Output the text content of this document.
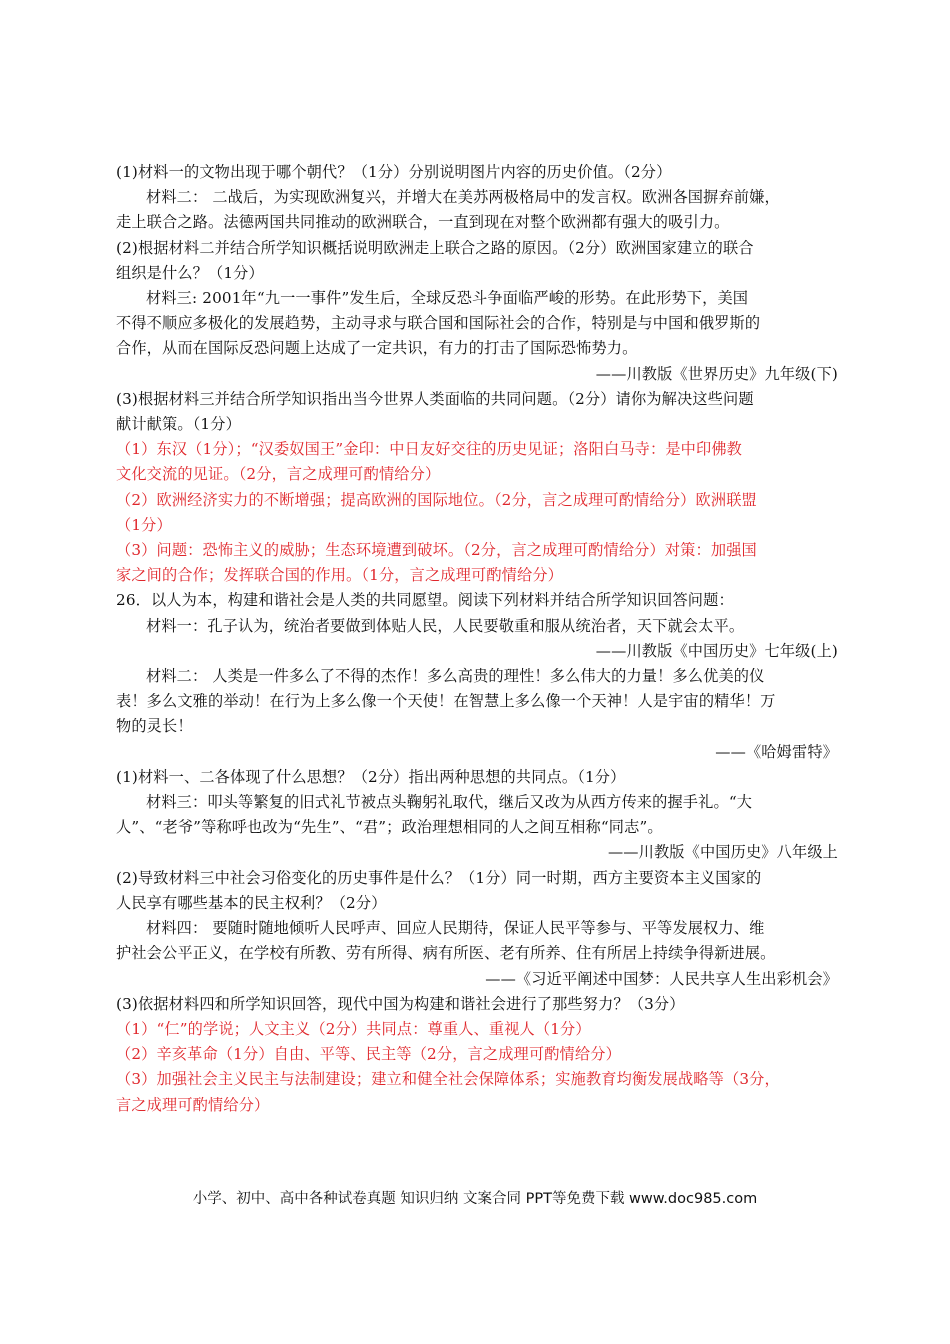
(1)材料一的文物出现于哪个朝代？（1分）分别说明图片内容的历史价值。（2分）
材料二： 二战后，为实现欧洲复兴，并增大在美苏两极格局中的发言权。欧洲各国摒弃前嫌，
走上联合之路。法德两国共同推动的欧洲联合，一直到现在对整个欧洲都有强大的吸引力。
(2)根据材料二并结合所学知识概括说明欧洲走上联合之路的原因。（2分）欧洲国家建立的联合
组织是什么？（1分）
材料三: 2001年“九一一事件”发生后，全球反恐斗争面临严峻的形势。在此形势下，美国
不得不顺应多极化的发展趋势，主动寻求与联合国和国际社会的合作，特别是与中国和俄罗斯的
合作，从而在国际反恐问题上达成了一定共识，有力的打击了国际恐怖势力。
——川教版《世界历史》九年级(下)
(3)根据材料三并结合所学知识指出当今世界人类面临的共同问题。（2分）请你为解决这些问题
献计献策。（1分）
（1）东汉（1分）；“汉委奴国王”金印：中日友好交往的历史见证；洛阳白马寺：是中印佛教
文化交流的见证。（2分，言之成理可酌情给分）
（2）欧洲经济实力的不断增强；提高欧洲的国际地位。（2分，言之成理可酌情给分）欧洲联盟
（1分）
（3）问题：恐怖主义的威胁；生态环境遭到破坏。（2分，言之成理可酌情给分）对策：加强国
家之间的合作；发挥联合国的作用。（1分，言之成理可酌情给分）
26．以人为本，构建和谐社会是人类的共同愿望。阅读下列材料并结合所学知识回答问题：
材料一：孔子认为，统治者要做到体贴人民，人民要敬重和服从统治者，天下就会太平。
——川教版《中国历史》七年级(上)
材料二： 人类是一件多么了不得的杰作！多么高贵的理性！多么伟大的力量！多么优美的仪
表！多么文雅的举动！在行为上多么像一个天使！在智慧上多么像一个天神！人是宇宙的精华！万
物的灵长！
——《哈姆雷特》
(1)材料一、二各体现了什么思想？（2分）指出两种思想的共同点。（1分）
材料三：叩头等繁复的旧式礼节被点头鞠躬礼取代，继后又改为从西方传来的握手礼。“大
人”、“老爷”等称呼也改为“先生”、“君”；政治理想相同的人之间互相称“同志”。
——川教版《中国历史》八年级上
(2)导致材料三中社会习俗变化的历史事件是什么？（1分）同一时期，西方主要资本主义国家的
人民享有哪些基本的民主权利？（2分）
材料四： 要随时随地倾听人民呼声、回应人民期待，保证人民平等参与、平等发展权力、维
护社会公平正义，在学校有所教、劳有所得、病有所医、老有所养、住有所居上持续争得新进展。
——《习近平阐述中国梦：人民共享人生出彩机会》
(3)依据材料四和所学知识回答，现代中国为构建和谐社会进行了那些努力？（3分）
（1）“仁”的学说；人文主义（2分）共同点：尊重人、重视人（1分）
（2）辛亥革命（1分）自由、平等、民主等（2分，言之成理可酌情给分）
（3）加强社会主义民主与法制建设；建立和健全社会保障体系；实施教育均衡发展战略等（3分，
言之成理可酌情给分）
小学、初中、高中各种试卷真题 知识归纳 文案合同 PPT等免费下载 www.doc985.com
